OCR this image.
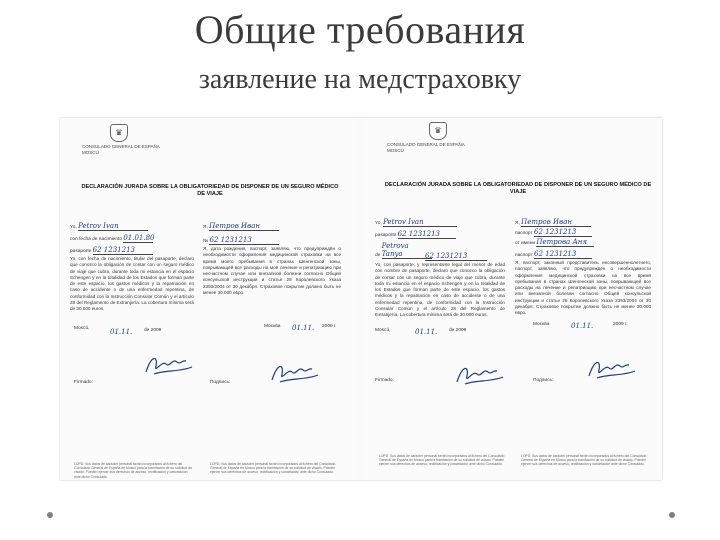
Общие требования
заявление на медстраховку
♛
CONSULADO GENERAL DE ESPAÑA
MOSCÚ
DECLARACIÓN JURADA SOBRE LA OBLIGATORIEDAD DE DISPONER DE UN SEGURO MÉDICO DE VIAJE
Yo, Petrov Ivan
con fecha de nacimiento 01.01.80
pasaporte 62 1231213
Yo, con fecha de nacimiento, titular del pasaporte, declaro que conozco la obligación de contar con un seguro médico de viaje que cubra, durante toda mi estancia en el espacio Schengen y en la totalidad de los Estados que forman parte de este espacio, los gastos médicos y la repatriación en caso de accidente o de una enfermedad repentina, de conformidad con la Instrucción Consular Común y el artículo 28 del Reglamento de Extranjería. La cobertura mínima será de 30.000 euros.
Я, Петров Иван
№ 62 1231213
Я, дата рождения, паспорт, заявляю, что предупреждён о необходимости оформления медицинской страховки на все время моего пребывания в странах Шенгенской зоны, покрывающей все расходы на моё лечение и репатриацию при несчастном случае или внезапной болезни согласно Общей консульской инструкции и статье 28 Королевского Указа 2393/2004 от 30 декабря. Страховое покрытие должно быть не менее 30.000 евро.
Moscú,	01.11. de 2009
Москва 01.11. 2009 г.
Firmado:	Подпись:
LOPD: Sus datos de carácter personal serán incorporados al fichero del Consulado General de España en Moscú para la tramitación de su solicitud de visado. Pueden ejercer sus derechos de acceso, rectificación y cancelación ante dicho Consulado.
LOPD: Sus datos de carácter personal serán incorporados al fichero del Consulado General de España en Moscú para la tramitación de su solicitud de visado. Pueden ejercer sus derechos de acceso, rectificación y cancelación ante dicho Consulado.
♛
CONSULADO GENERAL DE ESPAÑA
MOSCÚ
DECLARACIÓN JURADA SOBRE LA OBLIGATORIEDAD DE DISPONER DE UN SEGURO MÉDICO DE VIAJE
Yo, Petrov Ivan
pasaporte 62 1231213
de Petrova Tanya	62 1231213
Yo, con pasaporte, y representante legal del menor de edad con nombre de pasaporte, declaro que conozco la obligación de contar con un seguro médico de viaje que cubra, durante toda mi estancia en el espacio Schengen y en la totalidad de los Estados que forman parte de este espacio, los gastos médicos y la repatriación en caso de accidente o de una enfermedad repentina, de conformidad con la Instrucción Consular Común y el artículo 28 del Reglamento de Extranjería. La cobertura mínima será de 30.000 euros.
Я, Петров Иван
паспорт 62 1231213
от имени Петрова Аня
паспорт 62 1231213
Я, паспорт, законный представитель несовершеннолетнего, паспорт, заявляю, что предупреждён о необходимости оформления медицинской страховки на все время пребывания в странах Шенгенской зоны, покрывающей все расходы на лечение и репатриацию при несчастном случае или внезапной болезни согласно Общей консульской инструкции и статье 28 Королевского Указа 2393/2004 от 30 декабря. Страховое покрытие должно быть не менее 30.000 евро.
Moscú,	01.11. de 2009
Москва	01.11.	2009 г.
Firmado:	Подпись:
LOPD: Sus datos de carácter personal serán incorporados al fichero del Consulado General de España en Moscú para la tramitación de su solicitud de visado. Pueden ejercer sus derechos de acceso, rectificación y cancelación ante dicho Consulado.
LOPD: Sus datos de carácter personal serán incorporados al fichero del Consulado General de España en Moscú para la tramitación de su solicitud de visado. Pueden ejercer sus derechos de acceso, rectificación y cancelación ante dicho Consulado.
